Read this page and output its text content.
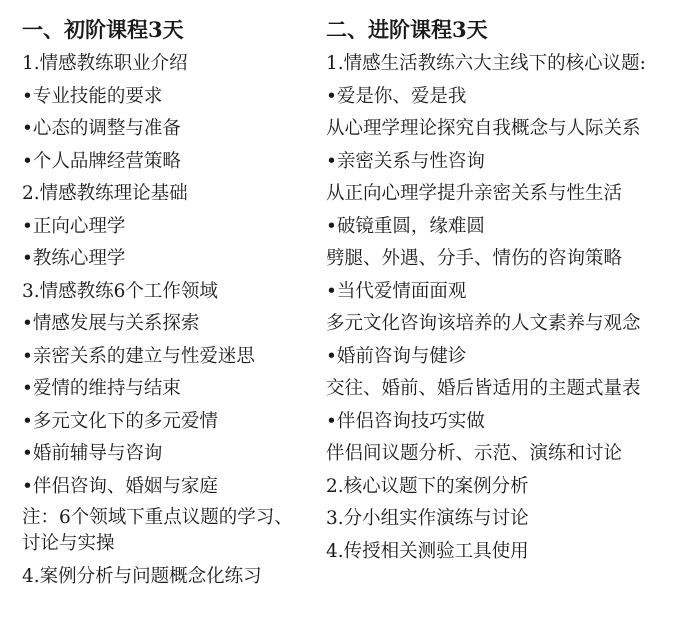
一、初阶课程3天
1.情感教练职业介绍
•专业技能的要求
•心态的调整与准备
•个人品牌经营策略
2.情感教练理论基础
•正向心理学
•教练心理学
3.情感教练6个工作领域
•情感发展与关系探索
•亲密关系的建立与性爱迷思
•爱情的维持与结束
•多元文化下的多元爱情
•婚前辅导与咨询
•伴侣咨询、婚姻与家庭
注：6个领域下重点议题的学习、讨论与实操
4.案例分析与问题概念化练习
二、进阶课程3天
1.情感生活教练六大主线下的核心议题:
•爱是你、爱是我
从心理学理论探究自我概念与人际关系
•亲密关系与性咨询
从正向心理学提升亲密关系与性生活
•破镜重圆，缘难圆
劈腿、外遇、分手、情伤的咨询策略
•当代爱情面面观
多元文化咨询该培养的人文素养与观念
•婚前咨询与健诊
交往、婚前、婚后皆适用的主题式量表
•伴侣咨询技巧实做
伴侣间议题分析、示范、演练和讨论
2.核心议题下的案例分析
3.分小组实作演练与讨论
4.传授相关测验工具使用
